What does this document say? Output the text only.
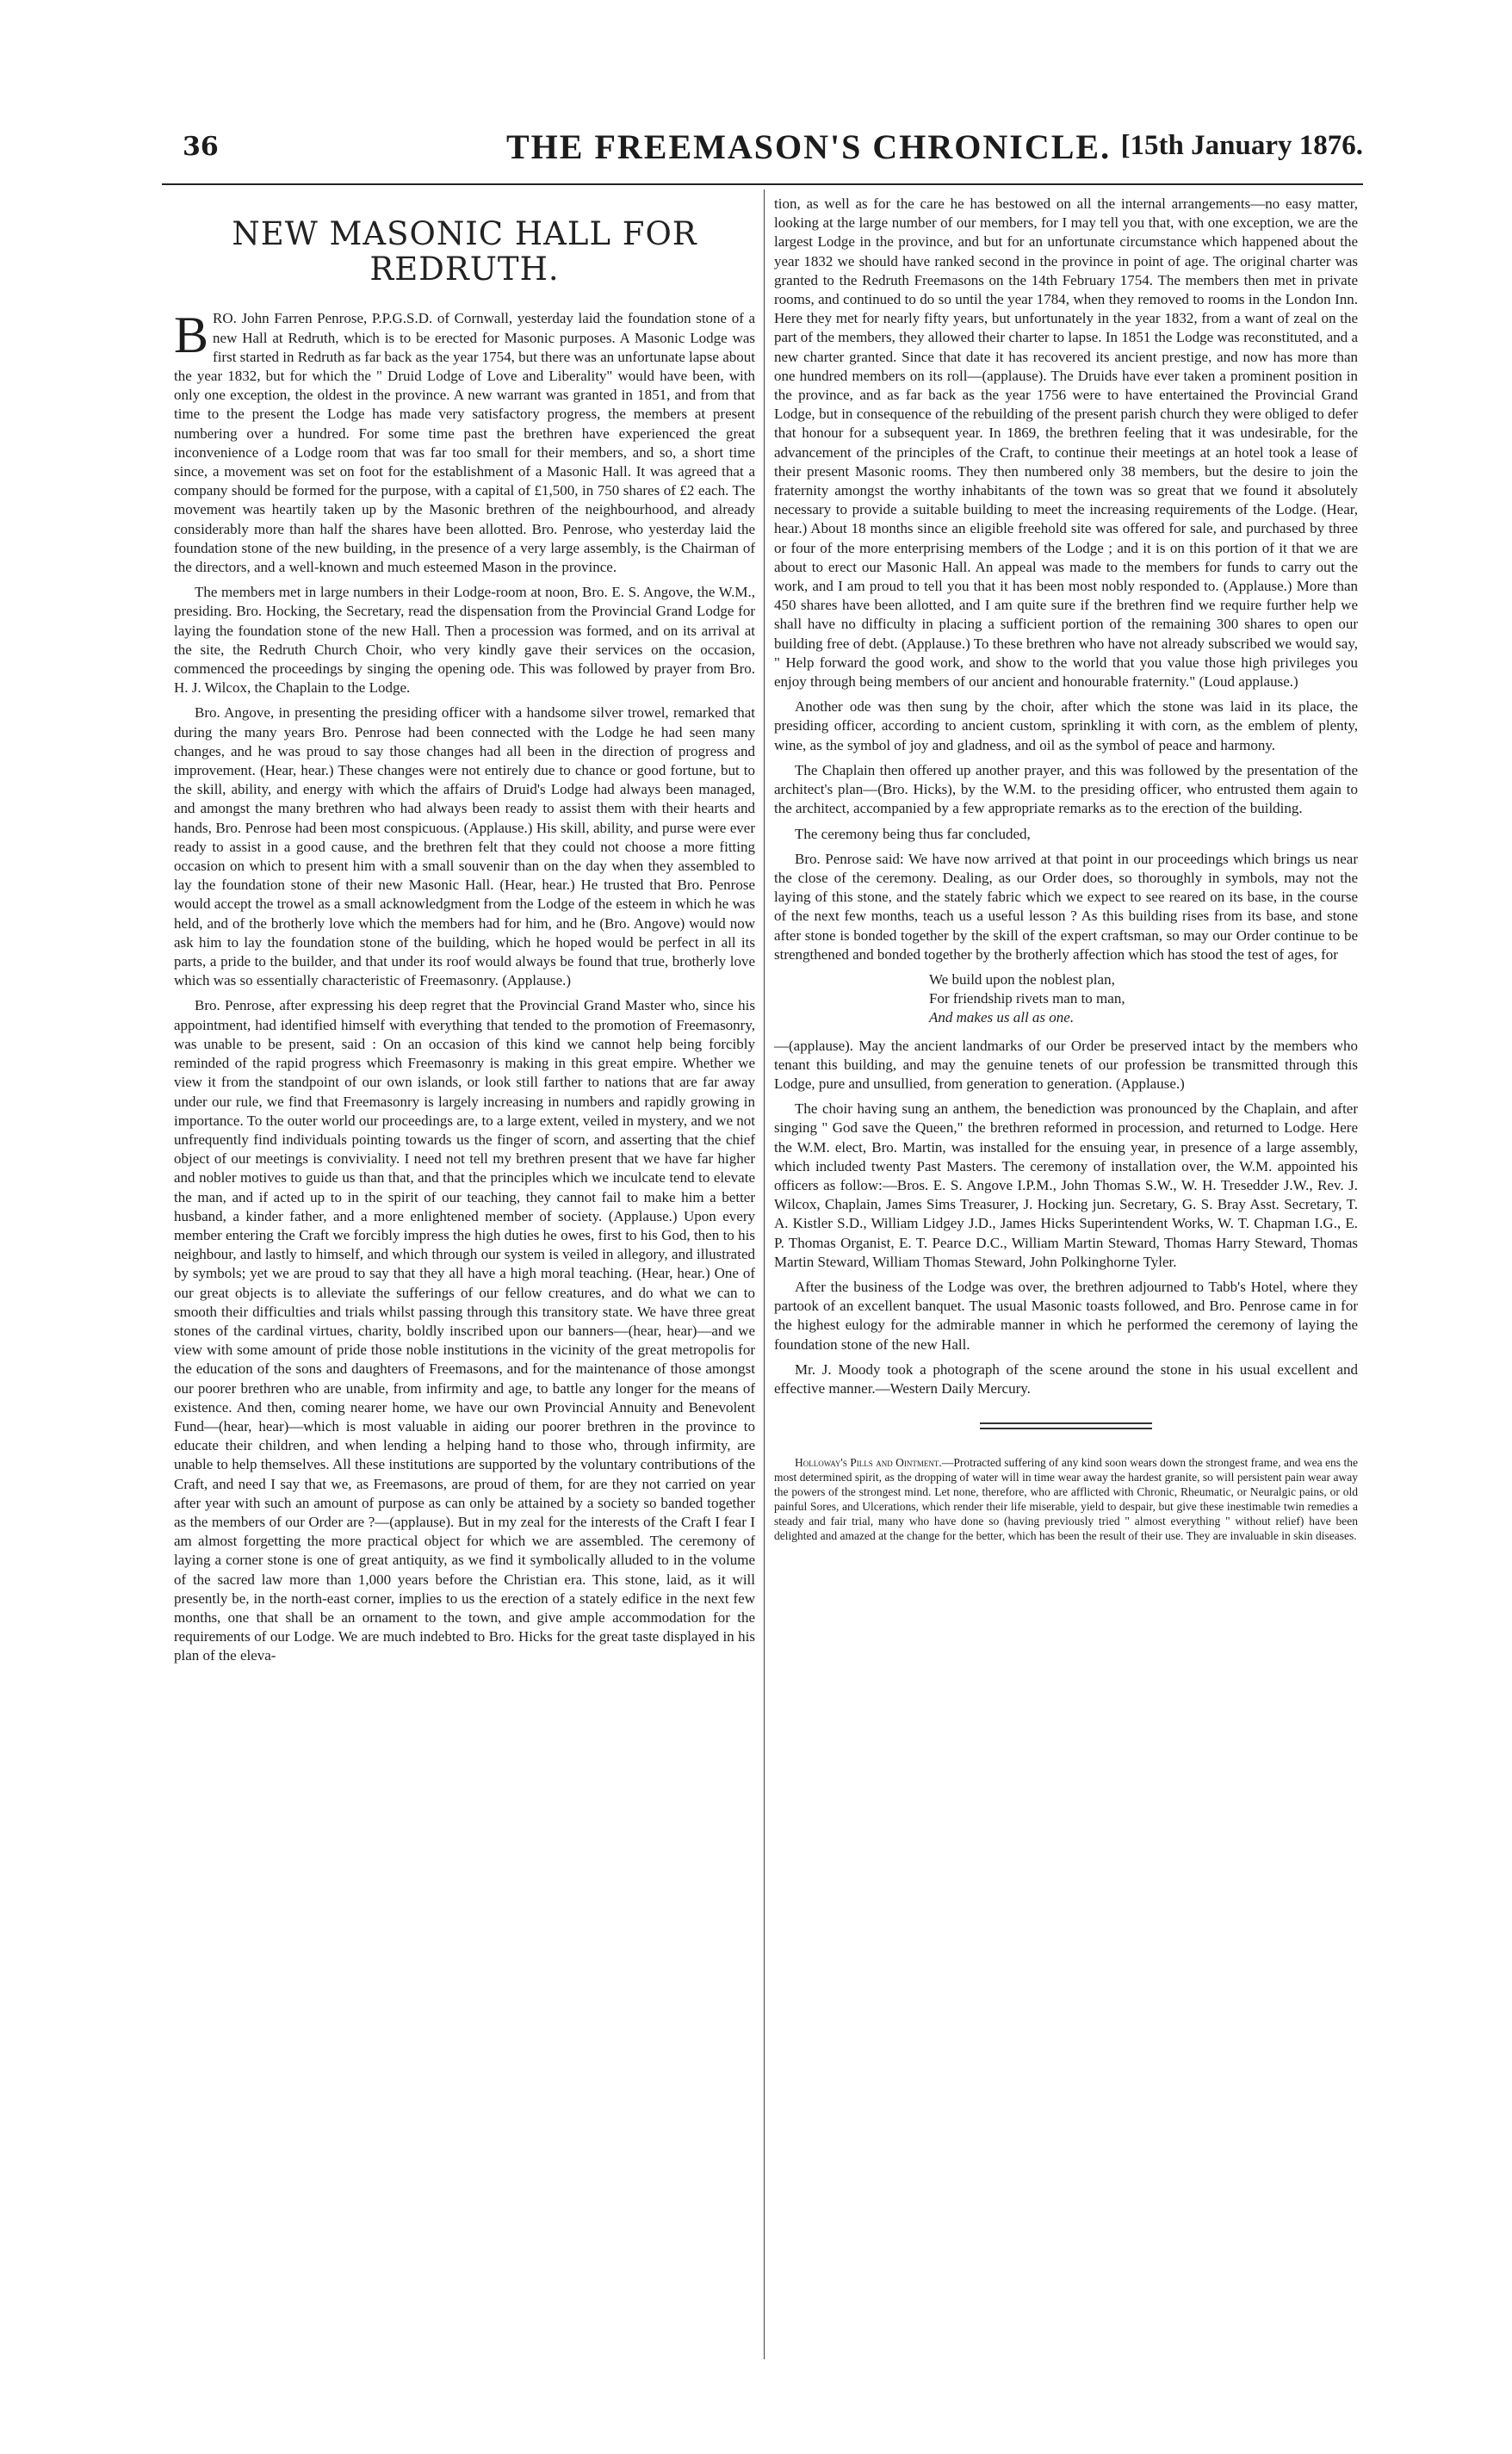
36	THE FREEMASON'S CHRONICLE. [15th January 1876.
NEW MASONIC HALL FOR REDRUTH.

BRO. John Farren Penrose, P.P.G.S.D. of Cornwall, yesterday laid the foundation stone of a new Hall at Redruth, which is to be erected for Masonic purposes. A Masonic Lodge was first started in Redruth as far back as the year 1754, but there was an unfortunate lapse about the year 1832, but for which the " Druid Lodge of Love and Liberality" would have been, with only one exception, the oldest in the province. A new warrant was granted in 1851, and from that time to the present the Lodge has made very satisfactory progress, the members at present numbering over a hundred. For some time past the brethren have experienced the great inconvenience of a Lodge room that was far too small for their members, and so, a short time since, a movement was set on foot for the establishment of a Masonic Hall. It was agreed that a company should be formed for the purpose, with a capital of £1,500, in 750 shares of £2 each. The movement was heartily taken up by the Masonic brethren of the neighbourhood, and already considerably more than half the shares have been allotted. Bro. Penrose, who yesterday laid the foundation stone of the new building, in the presence of a very large assembly, is the Chairman of the directors, and a well-known and much esteemed Mason in the province.

The members met in large numbers in their Lodge-room at noon, Bro. E. S. Angove, the W.M., presiding. Bro. Hocking, the Secretary, read the dispensation from the Provincial Grand Lodge for laying the foundation stone of the new Hall. Then a procession was formed, and on its arrival at the site, the Redruth Church Choir, who very kindly gave their services on the occasion, commenced the proceedings by singing the opening ode. This was followed by prayer from Bro. H. J. Wilcox, the Chaplain to the Lodge.

Bro. Angove, in presenting the presiding officer with a handsome silver trowel, remarked that during the many years Bro. Penrose had been connected with the Lodge he had seen many changes, and he was proud to say those changes had all been in the direction of progress and improvement. (Hear, hear.) These changes were not entirely due to chance or good fortune, but to the skill, ability, and energy with which the affairs of Druid's Lodge had always been managed, and amongst the many brethren who had always been ready to assist them with their hearts and hands, Bro. Penrose had been most conspicuous. (Applause.) His skill, ability, and purse were ever ready to assist in a good cause, and the brethren felt that they could not choose a more fitting occasion on which to present him with a small souvenir than on the day when they assembled to lay the foundation stone of their new Masonic Hall. (Hear, hear.) He trusted that Bro. Penrose would accept the trowel as a small acknowledgment from the Lodge of the esteem in which he was held, and of the brotherly love which the members had for him, and he (Bro. Angove) would now ask him to lay the foundation stone of the building, which he hoped would be perfect in all its parts, a pride to the builder, and that under its roof would always be found that true, brotherly love which was so essentially characteristic of Freemasonry. (Applause.)

Bro. Penrose, after expressing his deep regret that the Provincial Grand Master who, since his appointment, had identified himself with everything that tended to the promotion of Freemasonry, was unable to be present, said : On an occasion of this kind we cannot help being forcibly reminded of the rapid progress which Freemasonry is making in this great empire. Whether we view it from the standpoint of our own islands, or look still farther to nations that are far away under our rule, we find that Freemasonry is largely increasing in numbers and rapidly growing in importance. To the outer world our proceedings are, to a large extent, veiled in mystery, and we not unfrequently find individuals pointing towards us the finger of scorn, and asserting that the chief object of our meetings is conviviality. I need not tell my brethren present that we have far higher and nobler motives to guide us than that, and that the principles which we inculcate tend to elevate the man, and if acted up to in the spirit of our teaching, they cannot fail to make him a better husband, a kinder father, and a more enlightened member of society. (Applause.) Upon every member entering the Craft we forcibly impress the high duties he owes, first to his God, then to his neighbour, and lastly to himself, and which through our system is veiled in allegory, and illustrated by symbols; yet we are proud to say that they all have a high moral teaching. (Hear, hear.) One of our great objects is to alleviate the sufferings of our fellow creatures, and do what we can to smooth their difficulties and trials whilst passing through this transitory state. We have three great stones of the cardinal virtues, charity, boldly inscribed upon our banners—(hear, hear)—and we view with some amount of pride those noble institutions in the vicinity of the great metropolis for the education of the sons and daughters of Freemasons, and for the maintenance of those amongst our poorer brethren who are unable, from infirmity and age, to battle any longer for the means of existence. And then, coming nearer home, we have our own Provincial Annuity and Benevolent Fund—(hear, hear)—which is most valuable in aiding our poorer brethren in the province to educate their children, and when lending a helping hand to those who, through infirmity, are unable to help themselves. All these institutions are supported by the voluntary contributions of the Craft, and need I say that we, as Freemasons, are proud of them, for are they not carried on year after year with such an amount of purpose as can only be attained by a society so banded together as the members of our Order are ?—(applause). But in my zeal for the interests of the Craft I fear I am almost forgetting the more practical object for which we are assembled. The ceremony of laying a corner stone is one of great antiquity, as we find it symbolically alluded to in the volume of the sacred law more than 1,000 years before the Christian era. This stone, laid, as it will presently be, in the north-east corner, implies to us the erection of a stately edifice in the next few months, one that shall be an ornament to the town, and give ample accommodation for the requirements of our Lodge. We are much indebted to Bro. Hicks for the great taste displayed in his plan of the eleva-

tion, as well as for the care he has bestowed on all the internal arrangements—no easy matter, looking at the large number of our members, for I may tell you that, with one exception, we are the largest Lodge in the province, and but for an unfortunate circumstance which happened about the year 1832 we should have ranked second in the province in point of age. The original charter was granted to the Redruth Freemasons on the 14th February 1754. The members then met in private rooms, and continued to do so until the year 1784, when they removed to rooms in the London Inn. Here they met for nearly fifty years, but unfortunately in the year 1832, from a want of zeal on the part of the members, they allowed their charter to lapse. In 1851 the Lodge was reconstituted, and a new charter granted. Since that date it has recovered its ancient prestige, and now has more than one hundred members on its roll—(applause). The Druids have ever taken a prominent position in the province, and as far back as the year 1756 were to have entertained the Provincial Grand Lodge, but in consequence of the rebuilding of the present parish church they were obliged to defer that honour for a subsequent year. In 1869, the brethren feeling that it was undesirable, for the advancement of the principles of the Craft, to continue their meetings at an hotel took a lease of their present Masonic rooms. They then numbered only 38 members, but the desire to join the fraternity amongst the worthy inhabitants of the town was so great that we found it absolutely necessary to provide a suitable building to meet the increasing requirements of the Lodge. (Hear, hear.) About 18 months since an eligible freehold site was offered for sale, and purchased by three or four of the more enterprising members of the Lodge ; and it is on this portion of it that we are about to erect our Masonic Hall. An appeal was made to the members for funds to carry out the work, and I am proud to tell you that it has been most nobly responded to. (Applause.) More than 450 shares have been allotted, and I am quite sure if the brethren find we require further help we shall have no difficulty in placing a sufficient portion of the remaining 300 shares to open our building free of debt. (Applause.) To these brethren who have not already subscribed we would say, " Help forward the good work, and show to the world that you value those high privileges you enjoy through being members of our ancient and honourable fraternity." (Loud applause.)

Another ode was then sung by the choir, after which the stone was laid in its place, the presiding officer, according to ancient custom, sprinkling it with corn, as the emblem of plenty, wine, as the symbol of joy and gladness, and oil as the symbol of peace and harmony.

The Chaplain then offered up another prayer, and this was followed by the presentation of the architect's plan—(Bro. Hicks), by the W.M. to the presiding officer, who entrusted them again to the architect, accompanied by a few appropriate remarks as to the erection of the building.

The ceremony being thus far concluded,

Bro. Penrose said: We have now arrived at that point in our proceedings which brings us near the close of the ceremony. Dealing, as our Order does, so thoroughly in symbols, may not the laying of this stone, and the stately fabric which we expect to see reared on its base, in the course of the next few months, teach us a useful lesson ? As this building rises from its base, and stone after stone is bonded together by the skill of the expert craftsman, so may our Order continue to be strengthened and bonded together by the brotherly affection which has stood the test of ages, for

We build upon the noblest plan,
For friendship rivets man to man,
And makes us all as one.

—(applause). May the ancient landmarks of our Order be preserved intact by the members who tenant this building, and may the genuine tenets of our profession be transmitted through this Lodge, pure and unsullied, from generation to generation. (Applause.)

The choir having sung an anthem, the benediction was pronounced by the Chaplain, and after singing " God save the Queen," the brethren reformed in procession, and returned to Lodge. Here the W.M. elect, Bro. Martin, was installed for the ensuing year, in presence of a large assembly, which included twenty Past Masters. The ceremony of installation over, the W.M. appointed his officers as follow:—Bros. E. S. Angove I.P.M., John Thomas S.W., W. H. Tresedder J.W., Rev. J. Wilcox, Chaplain, James Sims Treasurer, J. Hocking jun. Secretary, G. S. Bray Asst. Secretary, T. A. Kistler S.D., William Lidgey J.D., James Hicks Superintendent Works, W. T. Chapman I.G., E. P. Thomas Organist, E. T. Pearce D.C., William Martin Steward, Thomas Harry Steward, Thomas Martin Steward, William Thomas Steward, John Polkinghorne Tyler.

After the business of the Lodge was over, the brethren adjourned to Tabb's Hotel, where they partook of an excellent banquet. The usual Masonic toasts followed, and Bro. Penrose came in for the highest eulogy for the admirable manner in which he performed the ceremony of laying the foundation stone of the new Hall.

Mr. J. Moody took a photograph of the scene around the stone in his usual excellent and effective manner.—Western Daily Mercury.

Holloway's Pills and Ointment.—Protracted suffering of any kind soon wears down the strongest frame, and wea ens the most determined spirit, as the dropping of water will in time wear away the hardest granite, so will persistent pain wear away the powers of the strongest mind. Let none, therefore, who are afflicted with Chronic, Rheumatic, or Neuralgic pains, or old painful Sores, and Ulcerations, which render their life miserable, yield to despair, but give these inestimable twin remedies a steady and fair trial, many who have done so (having previously tried " almost everything " without relief) have been delighted and amazed at the change for the better, which has been the result of their use. They are invaluable in skin diseases.
